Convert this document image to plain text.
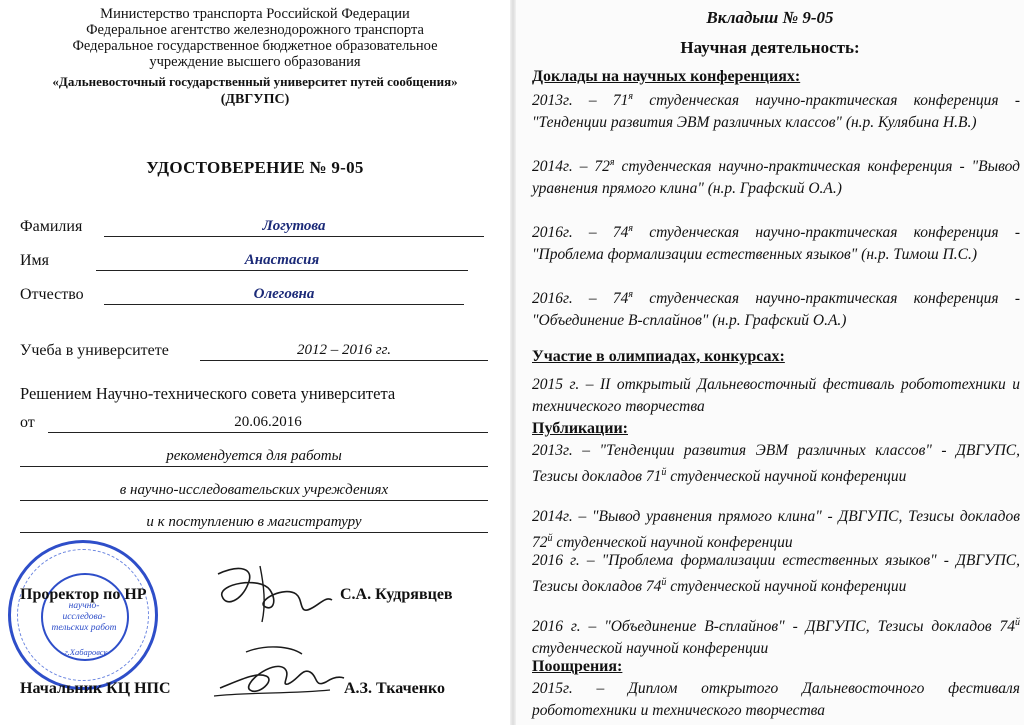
Министерство транспорта Российской Федерации
Федеральное агентство железнодорожного транспорта
Федеральное государственное бюджетное образовательное
учреждение высшего образования
«Дальневосточный государственный университет путей сообщения»
(ДВГУПС)
УДОСТОВЕРЕНИЕ № 9-05
Фамилия	Логутова
Имя	Анастасия
Отчество	Олеговна
Учеба в университете	2012 – 2016 гг.
Решением Научно-технического совета университета
от	20.06.2016
рекомендуется для работы
в научно-исследовательских учреждениях
и к поступлению в магистратуру
научно-исследова-тельских работ
г.Хабаровск
Проректор по НР	С.А. Кудрявцев
Начальник КЦ НПС	А.З. Ткаченко
Вкладыш № 9-05
Научная деятельность:
Доклады на научных конференциях:
2013г. – $71^я$ студенческая научно-практическая конференция - "Тенденции развития ЭВМ различных классов" (н.р. Кулябина Н.В.)
2014г. – $72^я$ студенческая научно-практическая конференция - "Вывод уравнения прямого клина" (н.р. Графский О.А.)
2016г. – $74^я$ студенческая научно-практическая конференция - "Проблема формализации естественных языков" (н.р. Тимош П.С.)
2016г. – $74^я$ студенческая научно-практическая конференция - "Объединение В-сплайнов" (н.р. Графский О.А.)
Участие в олимпиадах, конкурсах:
2015 г. – II открытый Дальневосточный фестиваль робототехники и технического творчества
Публикации:
2013г. – "Тенденции развития ЭВМ различных классов" - ДВГУПС, Тезисы докладов $71^й$ студенческой научной конференции
2014г. – "Вывод уравнения прямого клина" - ДВГУПС, Тезисы докладов $72^й$ студенческой научной конференции
2016 г. – "Проблема формализации естественных языков" - ДВГУПС, Тезисы докладов $74^й$ студенческой научной конференции
2016 г. – "Объединение В-сплайнов" - ДВГУПС, Тезисы докладов $74^й$ студенческой научной конференции
Поощрения:
2015г. – Диплом открытого Дальневосточного фестиваля робототехники и технического творчества
